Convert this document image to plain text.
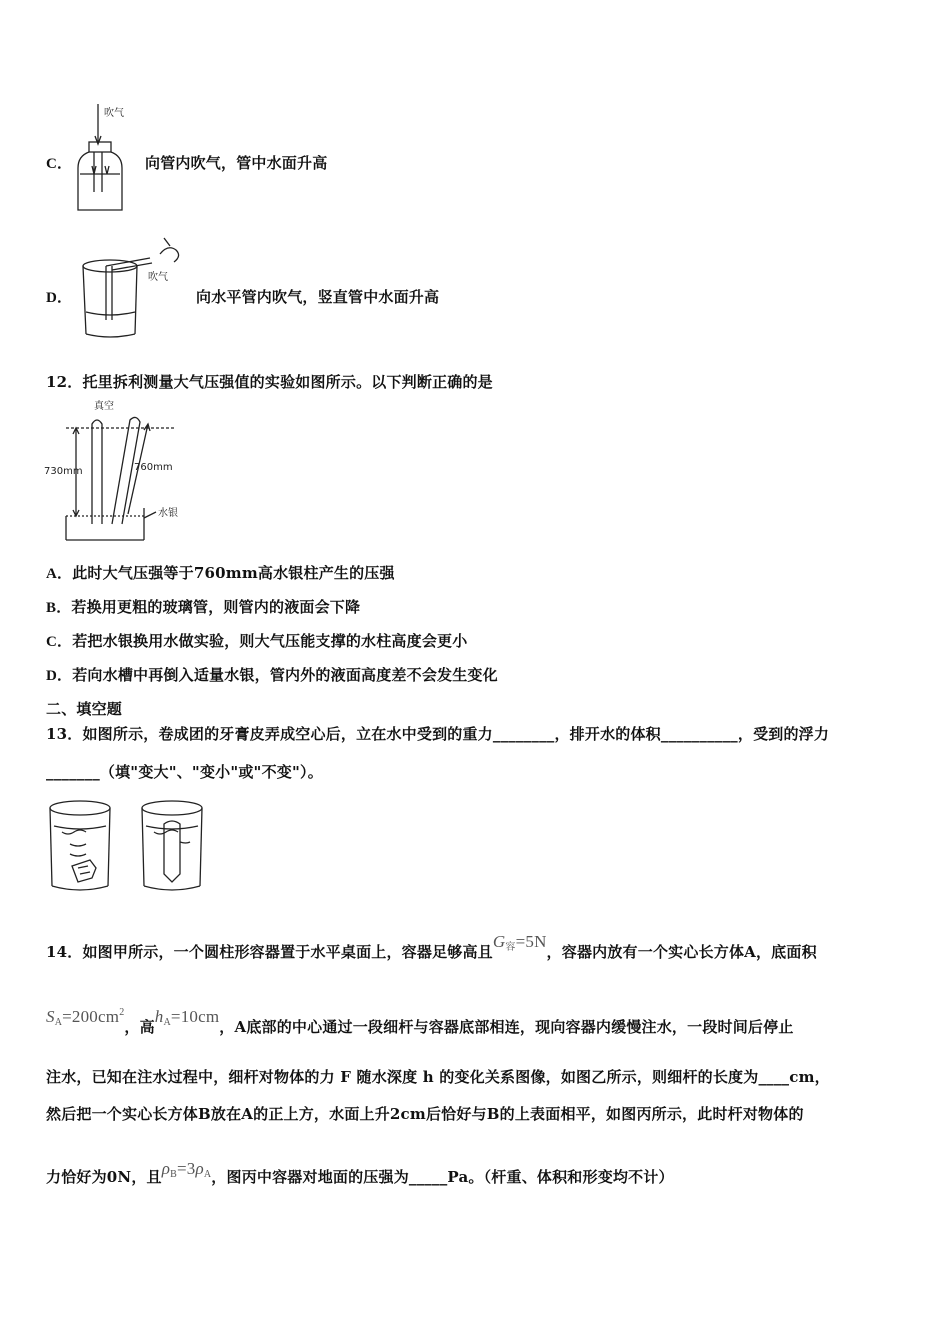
C．
吹气
向管内吹气，管中水面升高
D．
吹气
向水平管内吹气，竖直管中水面升高
12．托里拆利测量大气压强值的实验如图所示。以下判断正确的是
真空
730mm	760mm
水银
A．此时大气压强等于760mm高水银柱产生的压强
B．若换用更粗的玻璃管，则管内的液面会下降
C．若把水银换用水做实验，则大气压能支撑的水柱高度会更小
D．若向水槽中再倒入适量水银，管内外的液面高度差不会发生变化
二、填空题
13．如图所示，卷成团的牙膏皮弄成空心后，立在水中受到的重力________，排开水的体积__________，受到的浮力
_______（填"变大"、"变小"或"不变"）。
14．如图甲所示，一个圆柱形容器置于水平桌面上，容器足够高且$G_容=5N$，容器内放有一个实心长方体A，底面积
$S_A=200cm^2$，高$h_A=10cm$，A底部的中心通过一段细杆与容器底部相连，现向容器内缓慢注水，一段时间后停止
注水，已知在注水过程中，细杆对物体的力 F 随水深度 h 的变化关系图像，如图乙所示，则细杆的长度为____cm，
然后把一个实心长方体B放在A的正上方，水面上升2cm后恰好与B的上表面相平，如图丙所示，此时杆对物体的
力恰好为0N，且$\rho_B=3\rho_A$，图丙中容器对地面的压强为_____Pa。（杆重、体积和形变均不计）
